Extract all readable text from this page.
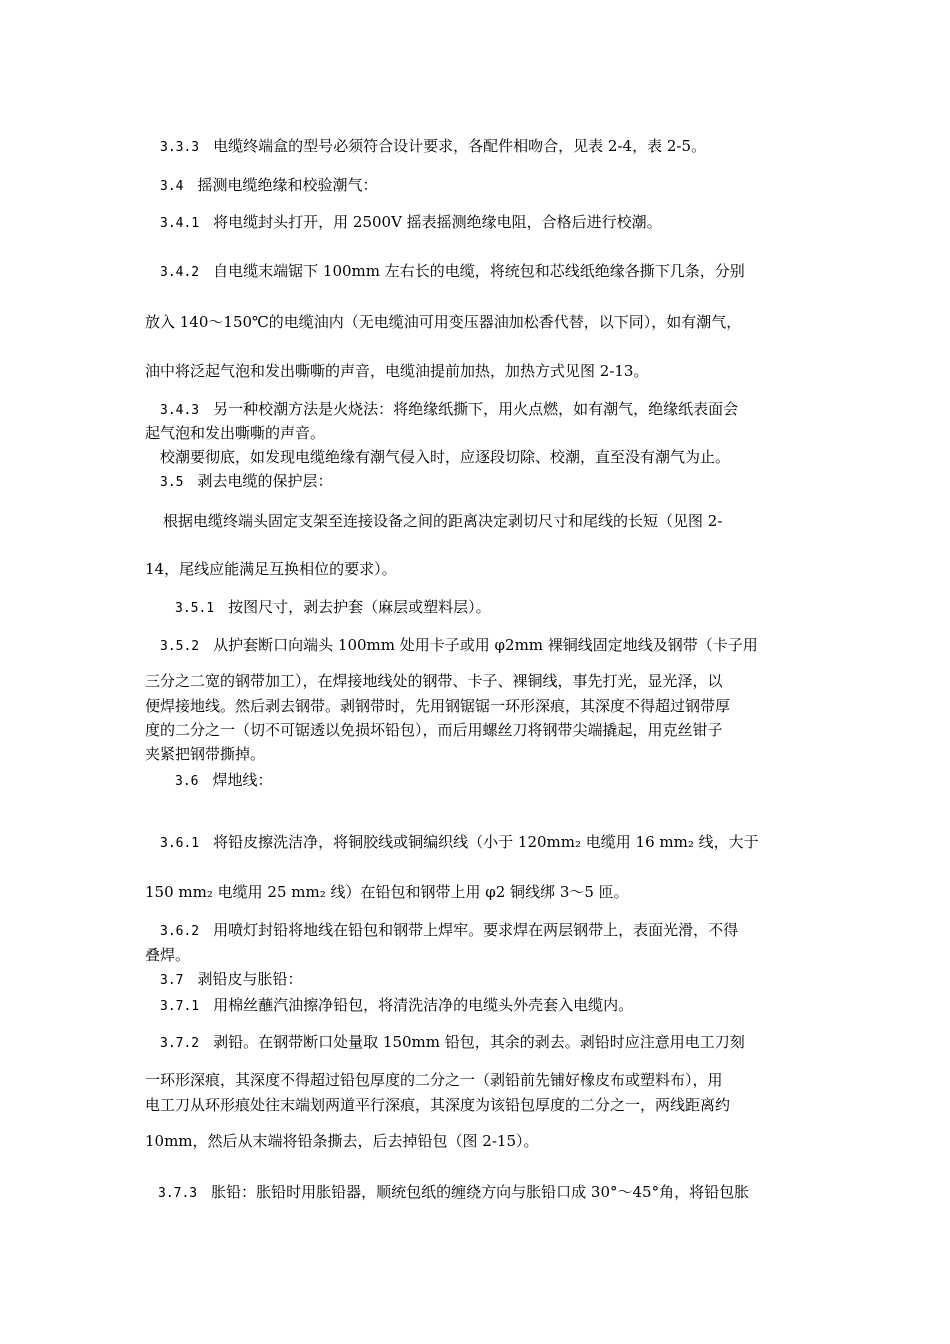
3.3.3 电缆终端盒的型号必须符合设计要求，各配件相吻合，见表 2-4，表 2-5。
3.4 摇测电缆绝缘和校验潮气：
3.4.1 将电缆封头打开，用 2500V 摇表摇测绝缘电阻，合格后进行校潮。
3.4.2 自电缆末端锯下 100mm 左右长的电缆，将统包和芯线纸绝缘各撕下几条，分别
放入 140～150℃的电缆油内（无电缆油可用变压器油加松香代替，以下同），如有潮气，
油中将泛起气泡和发出嘶嘶的声音，电缆油提前加热，加热方式见图 2-13。
3.4.3 另一种校潮方法是火烧法：将绝缘纸撕下，用火点燃，如有潮气，绝缘纸表面会
起气泡和发出嘶嘶的声音。
校潮要彻底，如发现电缆绝缘有潮气侵入时，应逐段切除、校潮，直至没有潮气为止。
3.5 剥去电缆的保护层：
根据电缆终端头固定支架至连接设备之间的距离决定剥切尺寸和尾线的长短（见图 2-
14，尾线应能满足互换相位的要求）。
3.5.1 按图尺寸，剥去护套（麻层或塑料层）。
3.5.2 从护套断口向端头 100mm 处用卡子或用 φ2mm 裸铜线固定地线及钢带（卡子用
三分之二宽的钢带加工），在焊接地线处的钢带、卡子、裸铜线，事先打光，显光泽，以
便焊接地线。然后剥去钢带。剥钢带时，先用钢锯锯一环形深痕，其深度不得超过钢带厚
度的二分之一（切不可锯透以免损坏铅包），而后用螺丝刀将钢带尖端撬起，用克丝钳子
夹紧把钢带撕掉。
3.6 焊地线：
3.6.1 将铅皮擦洗洁净，将铜胶线或铜编织线（小于 120mm₂ 电缆用 16 mm₂ 线，大于
150 mm₂ 电缆用 25 mm₂ 线）在铅包和钢带上用 φ2 铜线绑 3～5 匝。
3.6.2 用喷灯封铅将地线在铅包和钢带上焊牢。要求焊在两层钢带上，表面光滑，不得
叠焊。
3.7 剥铅皮与胀铅：
3.7.1 用棉丝蘸汽油擦净铅包，将清洗洁净的电缆头外壳套入电缆内。
3.7.2 剥铅。在钢带断口处量取 150mm 铅包，其余的剥去。剥铅时应注意用电工刀刻
一环形深痕，其深度不得超过铅包厚度的二分之一（剥铅前先铺好橡皮布或塑料布），用
电工刀从环形痕处往末端划两道平行深痕，其深度为该铅包厚度的二分之一，两线距离约
10mm，然后从末端将铅条撕去，后去掉铅包（图 2-15）。
3.7.3 胀铅：胀铅时用胀铅器，顺统包纸的缠绕方向与胀铅口成 30°～45°角，将铅包胀
